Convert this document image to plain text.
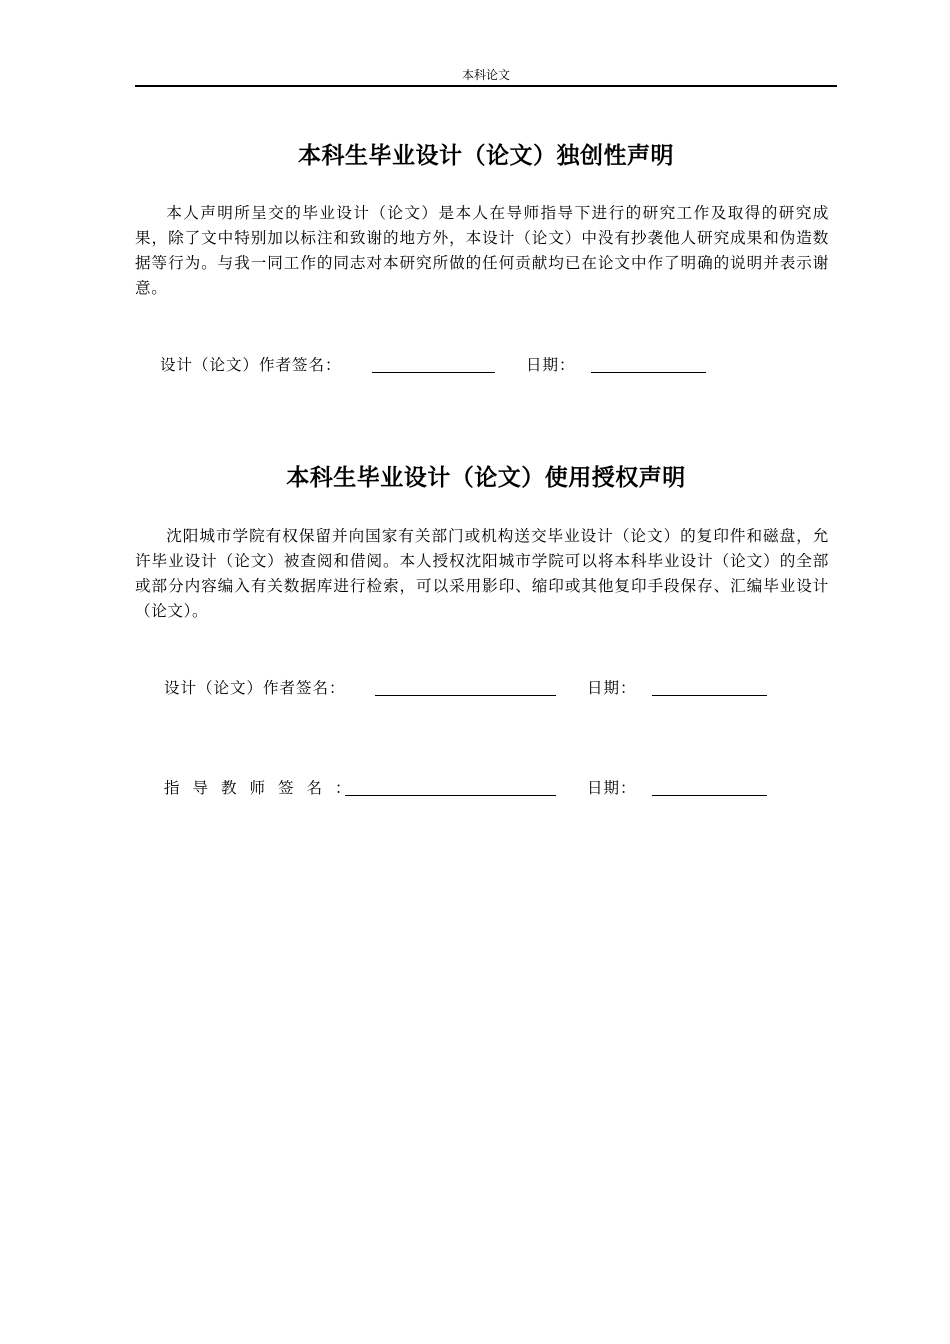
本科论文
本科生毕业设计（论文）独创性声明
本人声明所呈交的毕业设计（论文）是本人在导师指导下进行的研究工作及取得的研究成果，除了文中特别加以标注和致谢的地方外，本设计（论文）中没有抄袭他人研究成果和伪造数据等行为。与我一同工作的同志对本研究所做的任何贡献均已在论文中作了明确的说明并表示谢意。
设计（论文）作者签名：	日期：
本科生毕业设计（论文）使用授权声明
沈阳城市学院有权保留并向国家有关部门或机构送交毕业设计（论文）的复印件和磁盘，允许毕业设计（论文）被查阅和借阅。本人授权沈阳城市学院可以将本科毕业设计（论文）的全部或部分内容编入有关数据库进行检索，可以采用影印、缩印或其他复印手段保存、汇编毕业设计（论文）。
设计（论文）作者签名：	日期：
指导教师签名：	日期：
